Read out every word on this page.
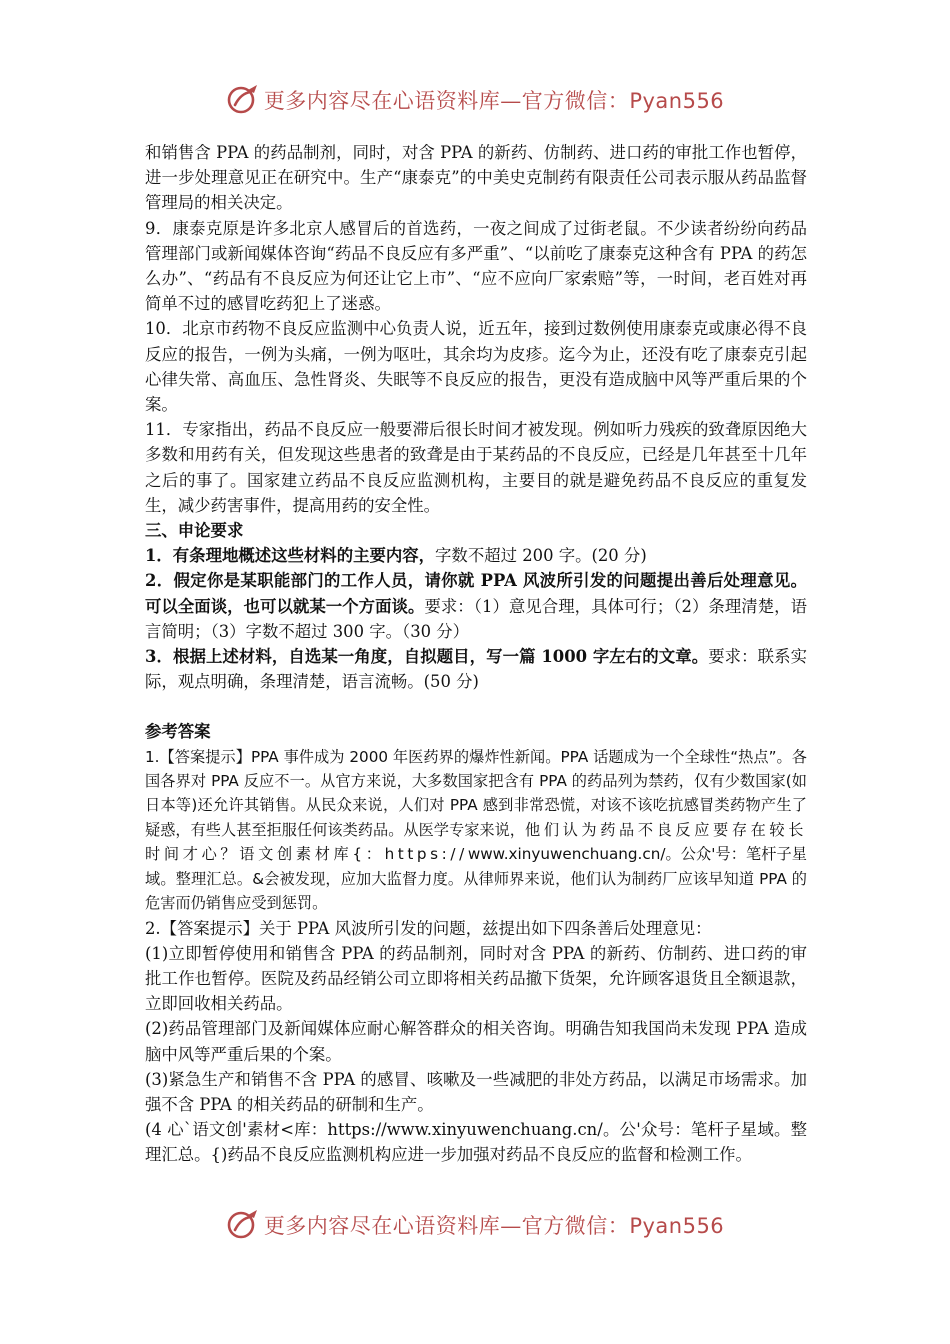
更多内容尽在心语资料库—官方微信：Pyan556

和销售含 PPA 的药品制剂，同时，对含 PPA 的新药、仿制药、进口药的审批工作也暂停，进一步处理意见正在研究中。生产“康泰克”的中美史克制药有限责任公司表示服从药品监督管理局的相关决定。

9．康泰克原是许多北京人感冒后的首选药，一夜之间成了过街老鼠。不少读者纷纷向药品管理部门或新闻媒体咨询“药品不良反应有多严重”、“以前吃了康泰克这种含有 PPA 的药怎么办”、“药品有不良反应为何还让它上市”、“应不应向厂家索赔”等，一时间，老百姓对再简单不过的感冒吃药犯上了迷惑。

10．北京市药物不良反应监测中心负责人说，近五年，接到过数例使用康泰克或康必得不良反应的报告，一例为头痛，一例为呕吐，其余均为皮疹。迄今为止，还没有吃了康泰克引起心律失常、高血压、急性肾炎、失眠等不良反应的报告，更没有造成脑中风等严重后果的个案。

11．专家指出，药品不良反应一般要滞后很长时间才被发现。例如听力残疾的致聋原因绝大多数和用药有关，但发现这些患者的致聋是由于某药品的不良反应，已经是几年甚至十几年之后的事了。国家建立药品不良反应监测机构，主要目的就是避免药品不良反应的重复发生，减少药害事件，提高用药的安全性。

三、申论要求

1．有条理地概述这些材料的主要内容，字数不超过 200 字。(20 分)

2．假定你是某职能部门的工作人员，请你就 PPA 风波所引发的问题提出善后处理意见。可以全面谈，也可以就某一个方面谈。要求：（1）意见合理，具体可行；（2）条理清楚，语言简明；（3）字数不超过 300 字。（30 分）

3．根据上述材料，自选某一角度，自拟题目，写一篇 1000 字左右的文章。要求：联系实际，观点明确，条理清楚，语言流畅。(50 分)

参考答案

1.【答案提示】PPA 事件成为 2000 年医药界的爆炸性新闻。PPA 话题成为一个全球性“热点”。各国各界对 PPA 反应不一。从官方来说，大多数国家把含有 PPA 的药品列为禁药，仅有少数国家(如日本等)还允许其销售。从民众来说，人们对 PPA 感到非常恐慌，对该不该吃抗感冒类药物产生了疑惑，有些人甚至拒服任何该类药品。从医学专家来说，他们认为药品不良反应要存在较长时间才心？语文创素材库{：https://www.xinyuwenchuang.cn/。公众'号：笔杆子星域。整理汇总。&会被发现，应加大监督力度。从律师界来说，他们认为制药厂应该早知道 PPA 的危害而仍销售应受到惩罚。

2.【答案提示】关于 PPA 风波所引发的问题，兹提出如下四条善后处理意见：

(1)立即暂停使用和销售含 PPA 的药品制剂，同时对含 PPA 的新药、仿制药、进口药的审批工作也暂停。医院及药品经销公司立即将相关药品撤下货架，允许顾客退货且全额退款，立即回收相关药品。

(2)药品管理部门及新闻媒体应耐心解答群众的相关咨询。明确告知我国尚未发现 PPA 造成脑中风等严重后果的个案。

(3)紧急生产和销售不含 PPA 的感冒、咳嗽及一些减肥的非处方药品，以满足市场需求。加强不含 PPA 的相关药品的研制和生产。

(4 心`语文创'素材<库：https://www.xinyuwenchuang.cn/。公'众号：笔杆子星域。整理汇总。{)药品不良反应监测机构应进一步加强对药品不良反应的监督和检测工作。

更多内容尽在心语资料库—官方微信：Pyan556
